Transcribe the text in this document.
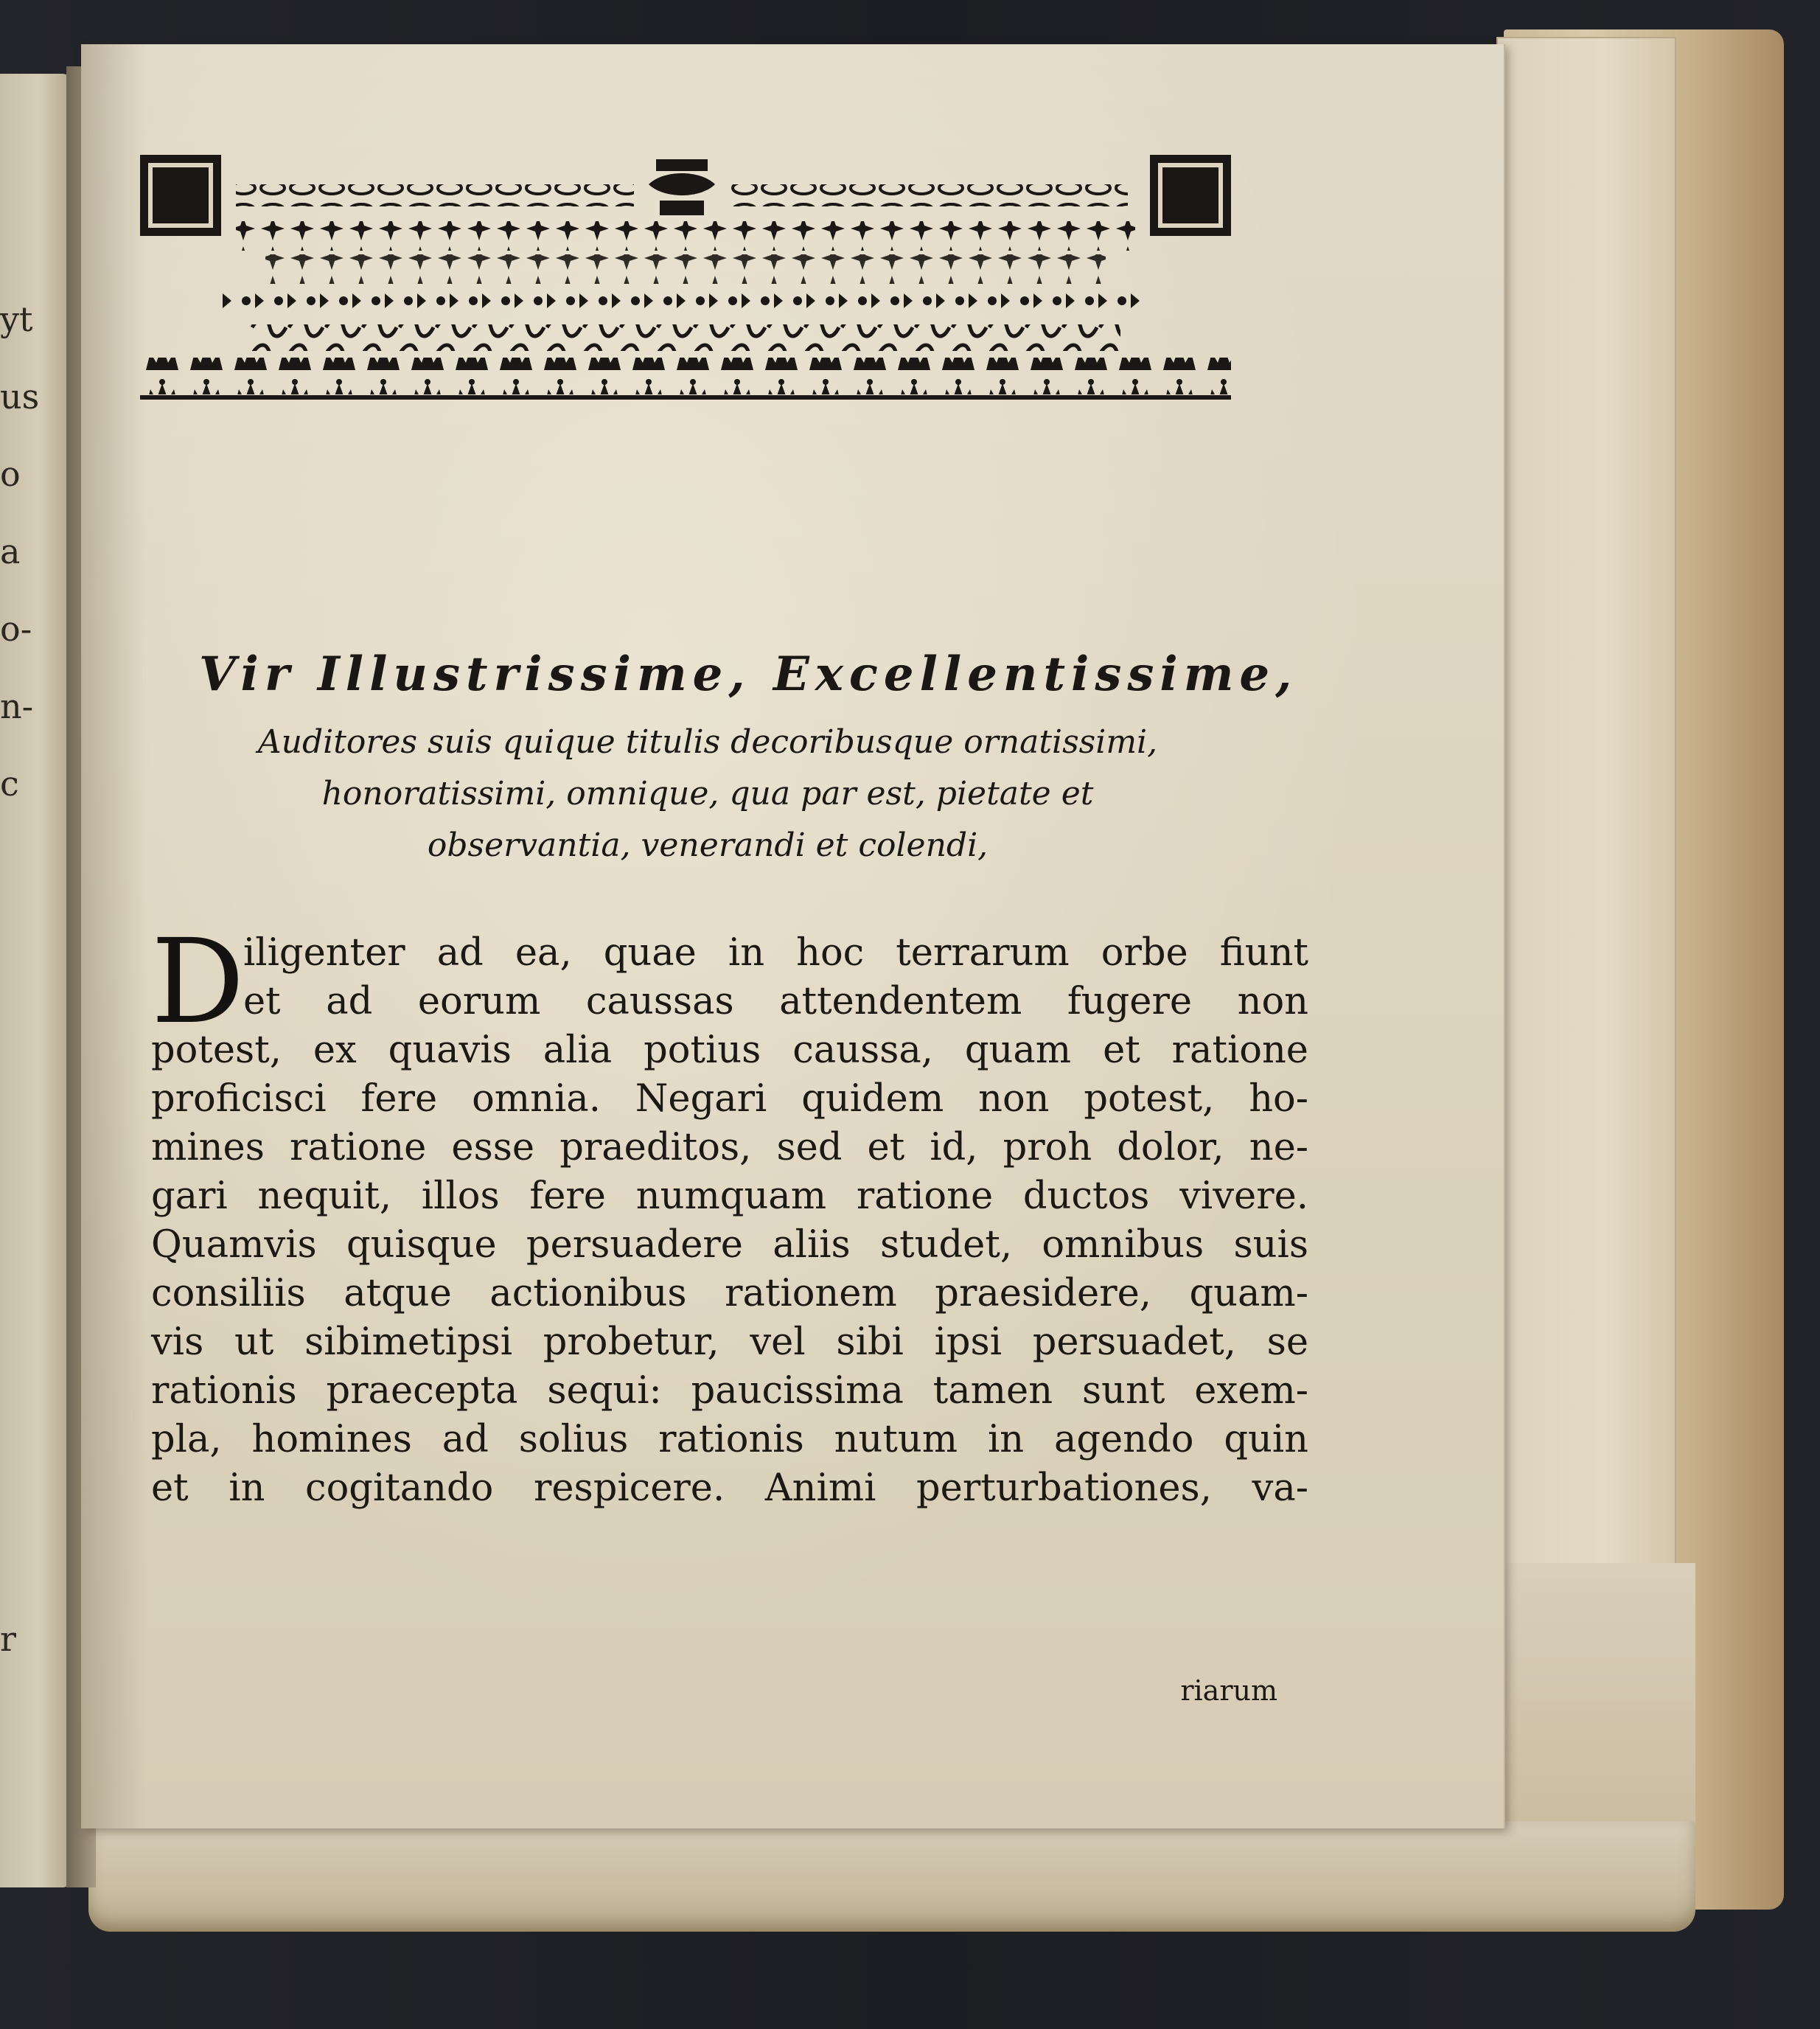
yt
us
o
a
o-
n-
c
r
Vir Illustrissime, Excellentissime,
Auditores suis quique titulis decoribusque ornatissimi,
honoratissimi, omnique, qua par est, pietate et
observantia, venerandi et colendi,
D
iligenter ad ea, quae in hoc terrarum orbe fiunt
et ad eorum caussas attendentem fugere non
potest, ex quavis alia potius caussa, quam et ratione
proficisci fere omnia. Negari quidem non potest, ho-
mines ratione esse praeditos, sed et id, proh dolor, ne-
gari nequit, illos fere numquam ratione ductos vivere.
Quamvis quisque persuadere aliis studet, omnibus suis
consiliis atque actionibus rationem praesidere, quam-
vis ut sibimetipsi probetur, vel sibi ipsi persuadet, se
rationis praecepta sequi: paucissima tamen sunt exem-
pla, homines ad solius rationis nutum in agendo quin
et in cogitando respicere. Animi perturbationes, va-
riarum
